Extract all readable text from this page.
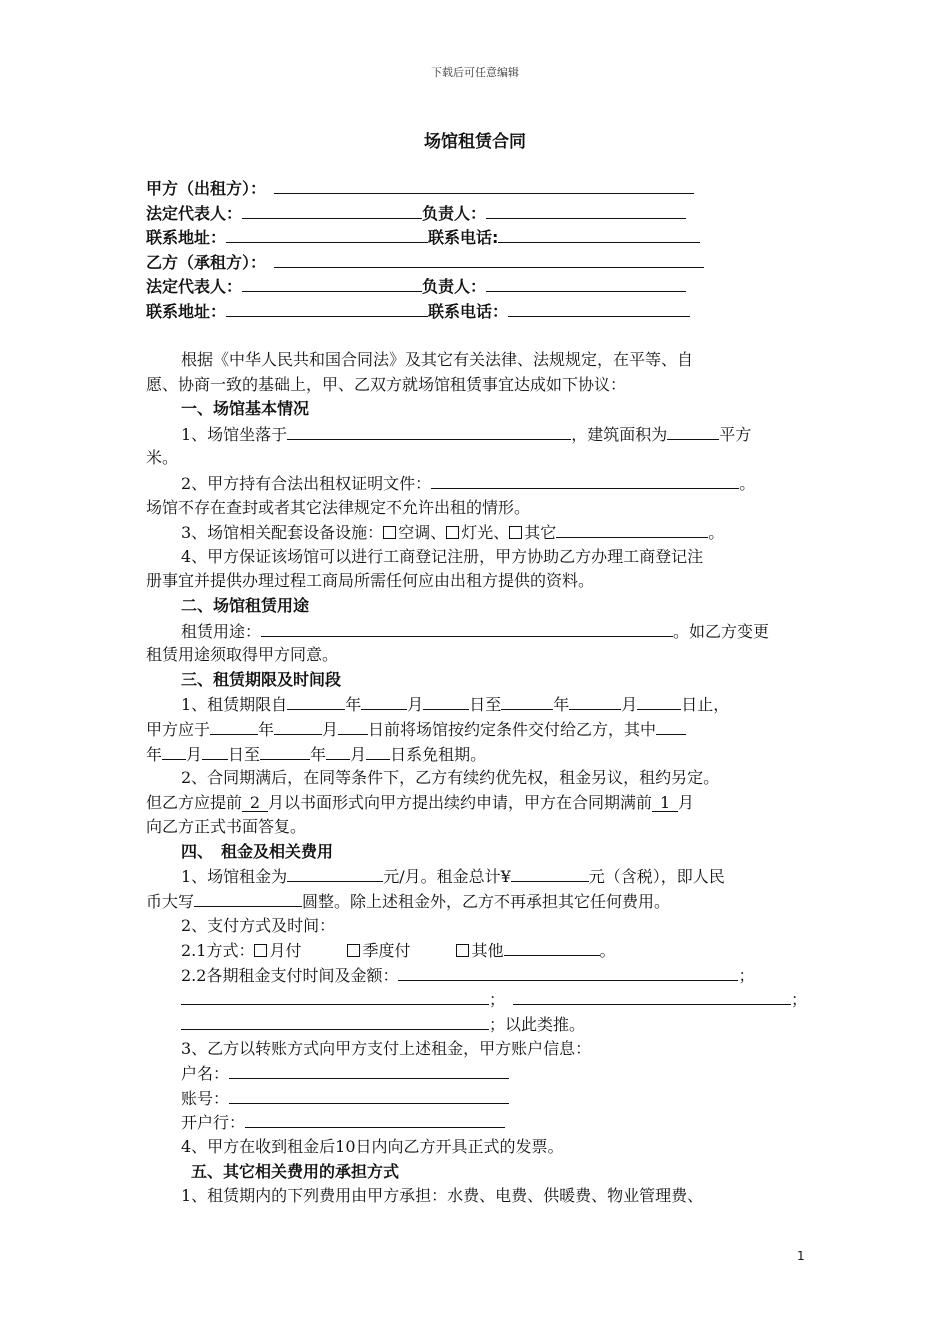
下载后可任意编辑
场馆租赁合同
甲方（出租方）：
法定代表人：	负责人：
联系地址：	联系电话:
乙方（承租方）：
法定代表人：	负责人：
联系地址：	联系电话：
根据《中华人民共和国合同法》及其它有关法律、法规规定，在平等、自
愿、协商一致的基础上，甲、乙双方就场馆租赁事宜达成如下协议：
一、场馆基本情况
1、场馆坐落于	，建筑面积为	平方
米。
2、甲方持有合法出租权证明文件：	。
场馆不存在查封或者其它法律规定不允许出租的情形。
3、场馆相关配套设备设施： 空调、 灯光、 其它	。
4、甲方保证该场馆可以进行工商登记注册，甲方协助乙方办理工商登记注
册事宜并提供办理过程工商局所需任何应由出租方提供的资料。
二、场馆租赁用途
租赁用途：	。如乙方变更
租赁用途须取得甲方同意。
三、租赁期限及时间段
1、租赁期限自	年	月	日至	年	月	日止，
甲方应于	年	月 日前将场馆按约定条件交付给乙方，其中
年 月 日至	年 月 日系免租期。
2、合同期满后，在同等条件下，乙方有续约优先权，租金另议，租约另定。
但乙方应提前 2 月以书面形式向甲方提出续约申请，甲方在合同期满前 1 月
向乙方正式书面答复。
四、　租金及相关费用
1、场馆租金为	元/月。租金总计¥	元（含税），即人民
币大写	圆整。除上述租金外，乙方不再承担其它任何费用。
2、支付方式及时间：
2.1方式： 月付	季度付	其他	。
2.2各期租金支付时间及金额：	；
；	；
；以此类推。
3、乙方以转账方式向甲方支付上述租金，甲方账户信息：
户名：
账号：
开户行：
4、甲方在收到租金后10日内向乙方开具正式的发票。
五、其它相关费用的承担方式
1、租赁期内的下列费用由甲方承担：水费、电费、供暖费、物业管理费、
1
